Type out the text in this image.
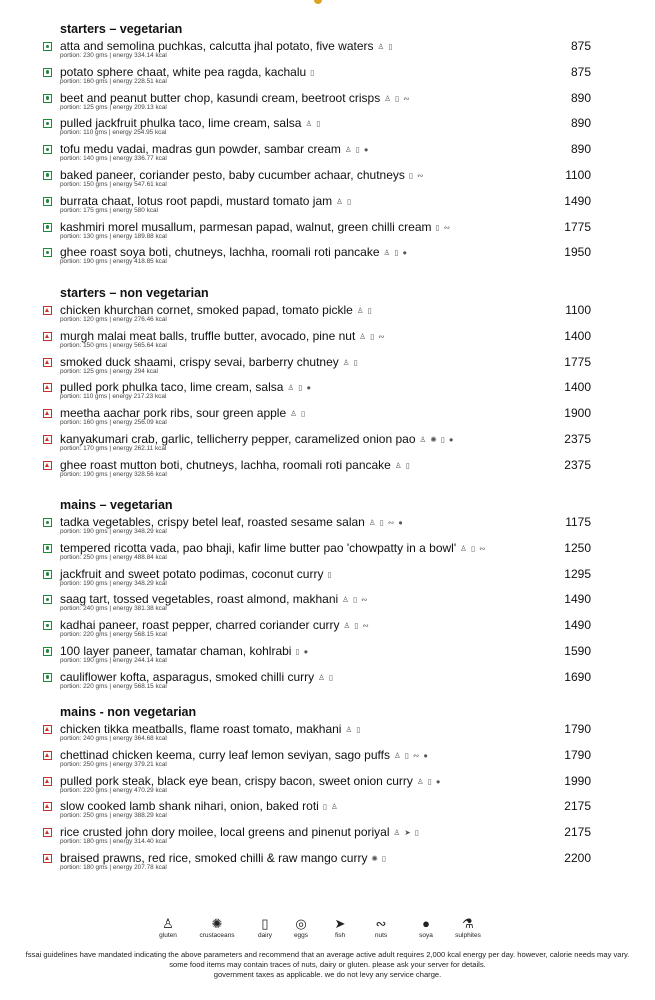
starters – vegetarian
atta and semolina puchkas, calcutta jhal potato, five waters ♙ ▯
portion: 230 gms | energy 334.14 kcal
875
potato sphere chaat, white pea ragda, kachalu ▯
portion: 160 gms | energy 228.51 kcal
875
beet and peanut butter chop, kasundi cream, beetroot crisps ♙ ▯ ∾
portion: 125 gms | energy 209.13 kcal
890
pulled jackfruit phulka taco, lime cream, salsa ♙ ▯
portion: 110 gms | energy 254.95 kcal
890
tofu medu vadai, madras gun powder, sambar cream ♙ ▯ ●
portion: 140 gms | energy 336.77 kcal
890
baked paneer, coriander pesto, baby cucumber achaar, chutneys ▯ ∾
portion: 150 gms | energy 547.61 kcal
1100
burrata chaat, lotus root papdi, mustard tomato jam ♙ ▯
portion: 175 gms | energy 580 kcal
1490
kashmiri morel musallum, parmesan papad, walnut, green chilli cream ▯ ∾
portion: 130 gms | energy 189.88 kcal
1775
ghee roast soya boti, chutneys, lachha, roomali roti pancake ♙ ▯ ●
portion: 190 gms | energy 418.85 kcal
1950
starters – non vegetarian
chicken khurchan cornet, smoked papad, tomato pickle ♙ ▯
portion: 120 gms | energy 276.46 kcal
1100
murgh malai meat balls, truffle butter, avocado, pine nut ♙ ▯ ∾
portion: 150 gms | energy 565.64 kcal
1400
smoked duck shaami, crispy sevai, barberry chutney ♙ ▯
portion: 125 gms | energy 294 kcal
1775
pulled pork phulka taco, lime cream, salsa ♙ ▯ ●
portion: 110 gms | energy 217.23 kcal
1400
meetha aachar pork ribs, sour green apple ♙ ▯
portion: 160 gms | energy 256.09 kcal
1900
kanyakumari crab, garlic, tellicherry pepper, caramelized onion pao ♙ ✺ ▯ ●
portion: 170 gms | energy 262.11 kcal
2375
ghee roast mutton boti, chutneys, lachha, roomali roti pancake ♙ ▯
portion: 190 gms | energy 328.56 kcal
2375
mains – vegetarian
tadka vegetables, crispy betel leaf, roasted sesame salan ♙ ▯ ∾ ●
portion: 190 gms | energy 348.29 kcal
1175
tempered ricotta vada, pao bhaji, kafir lime butter pao 'chowpatty in a bowl' ♙ ▯ ∾
portion: 250 gms | energy 488.84 kcal
1250
jackfruit and sweet potato podimas, coconut curry ▯
portion: 190 gms | energy 348.29 kcal
1295
saag tart, tossed vegetables, roast almond, makhani ♙ ▯ ∾
portion: 240 gms | energy 381.38 kcal
1490
kadhai paneer, roast pepper, charred coriander curry ♙ ▯ ∾
portion: 220 gms | energy 568.15 kcal
1490
100 layer paneer, tamatar chaman, kohlrabi ▯ ●
portion: 190 gms | energy 244.14 kcal
1590
cauliflower kofta, asparagus, smoked chilli curry ♙ ▯
portion: 220 gms | energy 568.15 kcal
1690
mains - non vegetarian
chicken tikka meatballs, flame roast tomato, makhani ♙ ▯
portion: 240 gms | energy 364.68 kcal
1790
chettinad chicken keema, curry leaf lemon seviyan, sago puffs ♙ ▯ ∾ ●
portion: 250 gms | energy 379.21 kcal
1790
pulled pork steak, black eye bean, crispy bacon, sweet onion curry ♙ ▯ ●
portion: 220 gms | energy 470.29 kcal
1990
slow cooked lamb shank nihari, onion, baked roti ▯ ♙
portion: 250 gms | energy 388.29 kcal
2175
rice crusted john dory moilee, local greens and pinenut poriyal ♙ ➤ ▯
portion: 180 gms | energy 314.40 kcal
2175
braised prawns, red rice, smoked chilli & raw mango curry ✺ ▯
portion: 180 gms | energy 207.78 kcal
2200
♙
gluten
✺
crustaceans
▯
dairy
◎
eggs
➤
fish
∾
nuts
●
soya
⚗
sulphites
fssai guidelines have mandated indicating the above parameters and recommend that an average active adult requires 2,000 kcal energy per day. however, calorie needs may vary.
some food items may contain traces of nuts, dairy or gluten. please ask your server for details.
government taxes as applicable. we do not levy any service charge.
